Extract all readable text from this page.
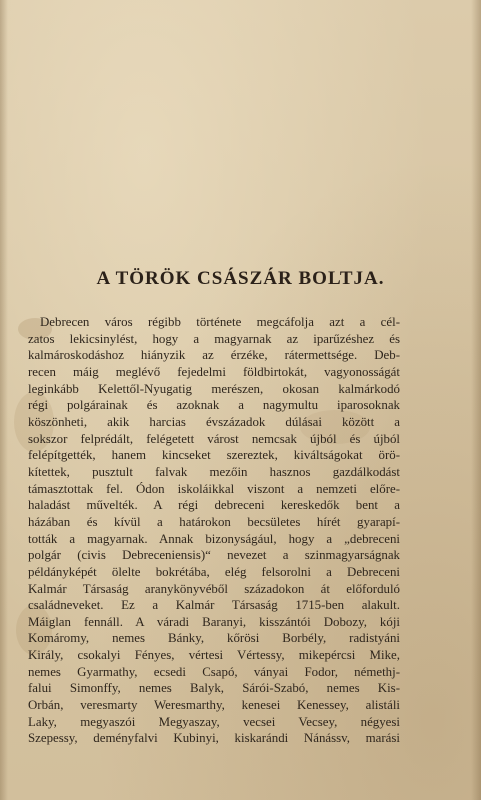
A TÖRÖK CSÁSZÁR BOLTJA.
Debrecen város régibb története megcáfolja azt a cél-
zatos lekicsinylést, hogy a magyarnak az iparűzéshez és
kalmároskodáshoz hiányzik az érzéke, rátermettsége. Deb-
recen máig meglévő fejedelmi földbirtokát, vagyonosságát
leginkább Kelettől-Nyugatig merészen, okosan kalmárkodó
régi polgárainak és azoknak a nagymultu iparosoknak
köszönheti, akik harcias évszázadok dúlásai között a
sokszor felprédált, felégetett várost nemcsak újból és újból
felépítgették, hanem kincseket szereztek, kiváltságokat örö-
kítettek, pusztult falvak mezőin hasznos gazdálkodást
támasztottak fel. Ódon iskoláikkal viszont a nemzeti előre-
haladást művelték. A régi debreceni kereskedők bent a
házában és kívül a határokon becsületes hírét gyarapí-
tották a magyarnak. Annak bizonyságául, hogy a „debreceni
polgár (civis Debreceniensis)“ nevezet a szinmagyarságnak
példányképét ölelte bokrétába, elég felsorolni a Debreceni
Kalmár Társaság aranykönyvéből századokon át előforduló
családneveket. Ez a Kalmár Társaság 1715-ben alakult.
Máiglan fennáll. A váradi Baranyi, kisszántói Dobozy, kóji
Komáromy, nemes Bánky, kőrösi Borbély, radistyáni
Király, csokalyi Fényes, vértesi Vértessy, mikepércsi Mike,
nemes Gyarmathy, ecsedi Csapó, ványai Fodor, némethj-
falui Simonffy, nemes Balyk, Sárói-Szabó, nemes Kis-
Orbán, veresmarty Weresmarthy, kenesei Kenessey, alistáli
Laky, megyaszói Megyaszay, vecsei Vecsey, négyesi
Szepessy, deményfalvi Kubinyi, kiskarándi Nánássv, marási
